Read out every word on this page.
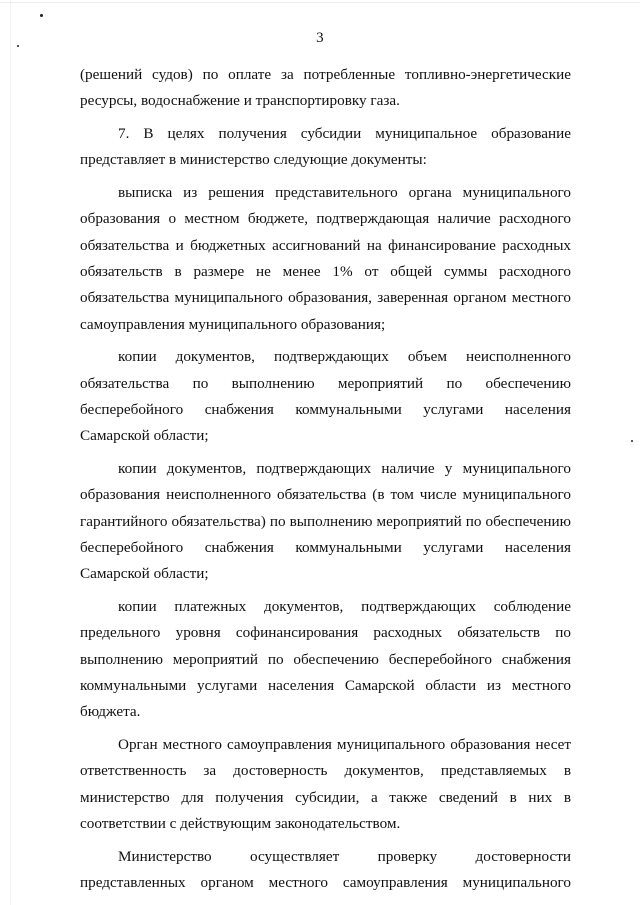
3

(решений судов) по оплате за потребленные топливно-энергетические ресурсы, водоснабжение и транспортировку газа.

7. В целях получения субсидии муниципальное образование представляет в министерство следующие документы:

выписка из решения представительного органа муниципального образования о местном бюджете, подтверждающая наличие расходного обязательства и бюджетных ассигнований на финансирование расходных обязательств в размере не менее 1% от общей суммы расходного обязательства муниципального образования, заверенная органом местного самоуправления муниципального образования;

копии документов, подтверждающих объем неисполненного обязательства по выполнению мероприятий по обеспечению бесперебойного снабжения коммунальными услугами населения Самарской области;

копии документов, подтверждающих наличие у муниципального образования неисполненного обязательства (в том числе муниципального гарантийного обязательства) по выполнению мероприятий по обеспечению бесперебойного снабжения коммунальными услугами населения Самарской области;

копии платежных документов, подтверждающих соблюдение предельного уровня софинансирования расходных обязательств по выполнению мероприятий по обеспечению бесперебойного снабжения коммунальными услугами населения Самарской области из местного бюджета.

Орган местного самоуправления муниципального образования несет ответственность за достоверность документов, представляемых в министерство для получения субсидии, а также сведений в них в соответствии с действующим законодательством.

Министерство осуществляет проверку достоверности представленных органом местного самоуправления муниципального
